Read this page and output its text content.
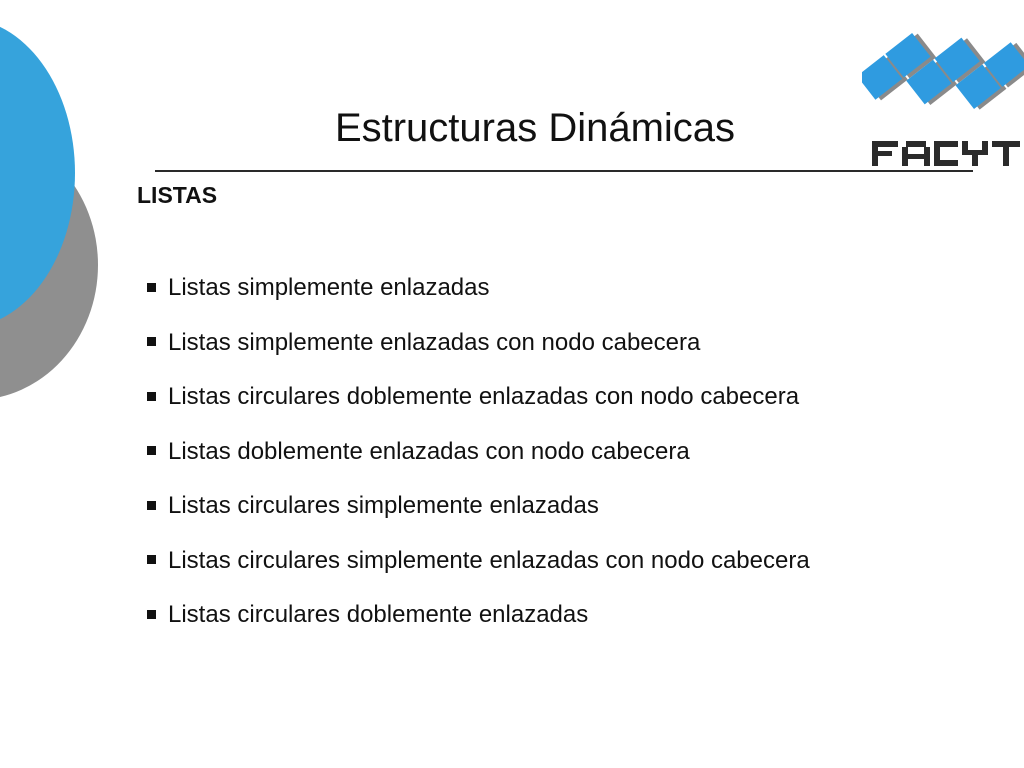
Estructuras Dinámicas
LISTAS
Listas simplemente enlazadas
Listas simplemente enlazadas con nodo cabecera
Listas circulares doblemente enlazadas con nodo cabecera
Listas doblemente enlazadas con nodo cabecera
Listas circulares simplemente enlazadas
Listas circulares simplemente enlazadas con nodo cabecera
Listas circulares doblemente enlazadas
